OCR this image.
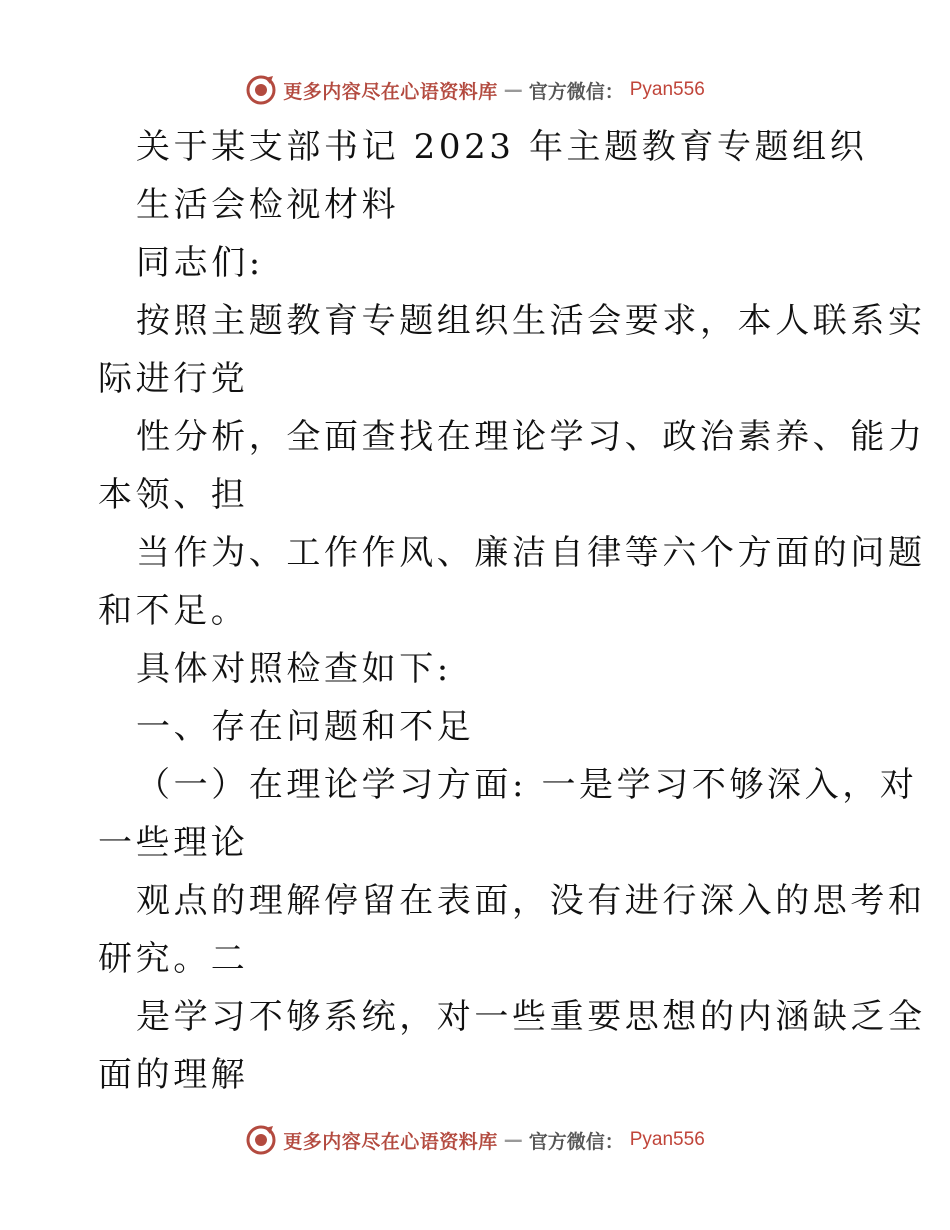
更多内容尽在心语资料库 — 官方微信： Pyan556
关于某支部书记 2023 年主题教育专题组织
生活会检视材料
同志们:
按照主题教育专题组织生活会要求，本人联系实
际进行党
性分析，全面查找在理论学习、政治素养、能力
本领、担
当作为、工作作风、廉洁自律等六个方面的问题
和不足。
具体对照检查如下:
一、存在问题和不足
（一）在理论学习方面: 一是学习不够深入，对
一些理论
观点的理解停留在表面，没有进行深入的思考和
研究。二
是学习不够系统，对一些重要思想的内涵缺乏全
面的理解
更多内容尽在心语资料库 — 官方微信： Pyan556
